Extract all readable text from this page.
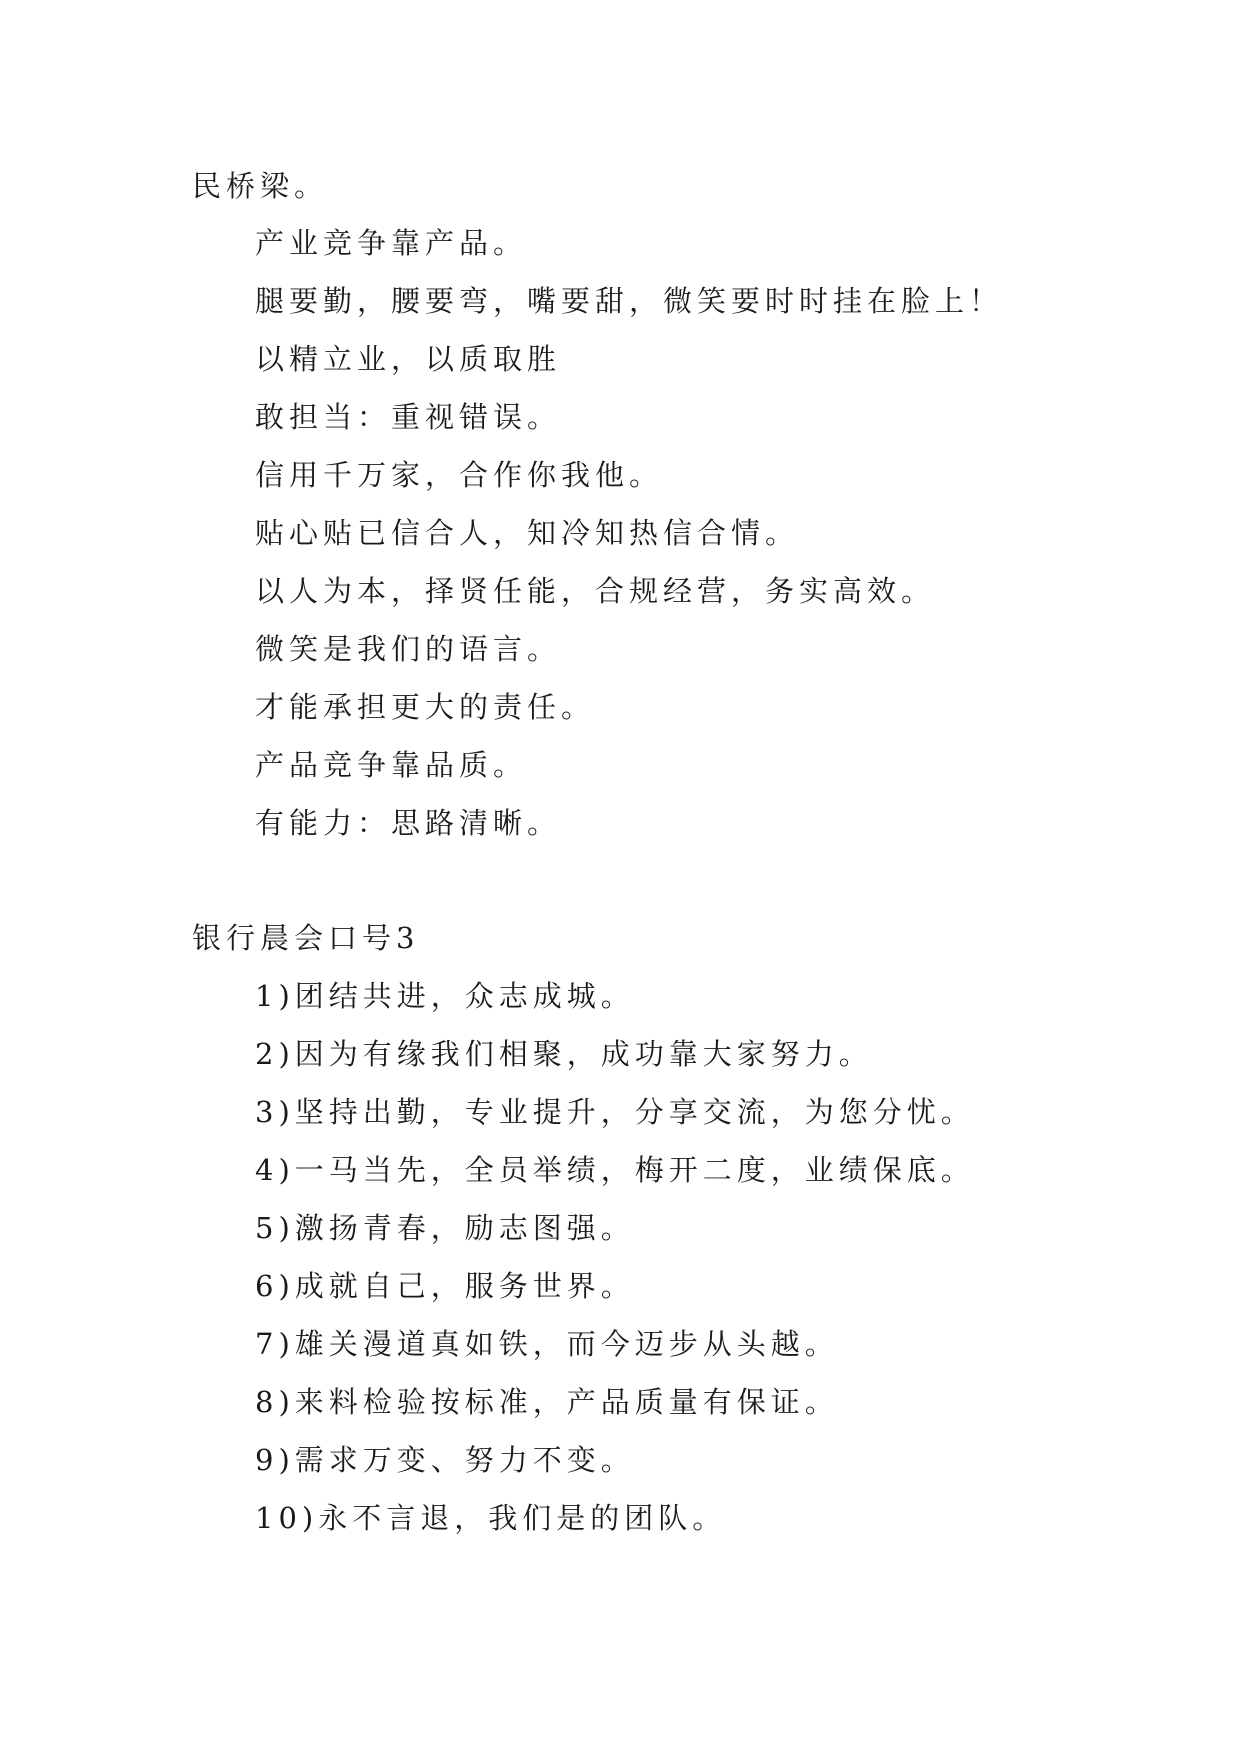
民桥梁。
产业竞争靠产品。
腿要勤，腰要弯，嘴要甜，微笑要时时挂在脸上！
以精立业，以质取胜
敢担当：重视错误。
信用千万家，合作你我他。
贴心贴已信合人，知冷知热信合情。
以人为本，择贤任能，合规经营，务实高效。
微笑是我们的语言。
才能承担更大的责任。
产品竞争靠品质。
有能力：思路清晰。
银行晨会口号3
1)团结共进，众志成城。
2)因为有缘我们相聚，成功靠大家努力。
3)坚持出勤，专业提升，分享交流，为您分忧。
4)一马当先，全员举绩，梅开二度，业绩保底。
5)激扬青春，励志图强。
6)成就自己，服务世界。
7)雄关漫道真如铁，而今迈步从头越。
8)来料检验按标准，产品质量有保证。
9)需求万变、努力不变。
10)永不言退，我们是的团队。
